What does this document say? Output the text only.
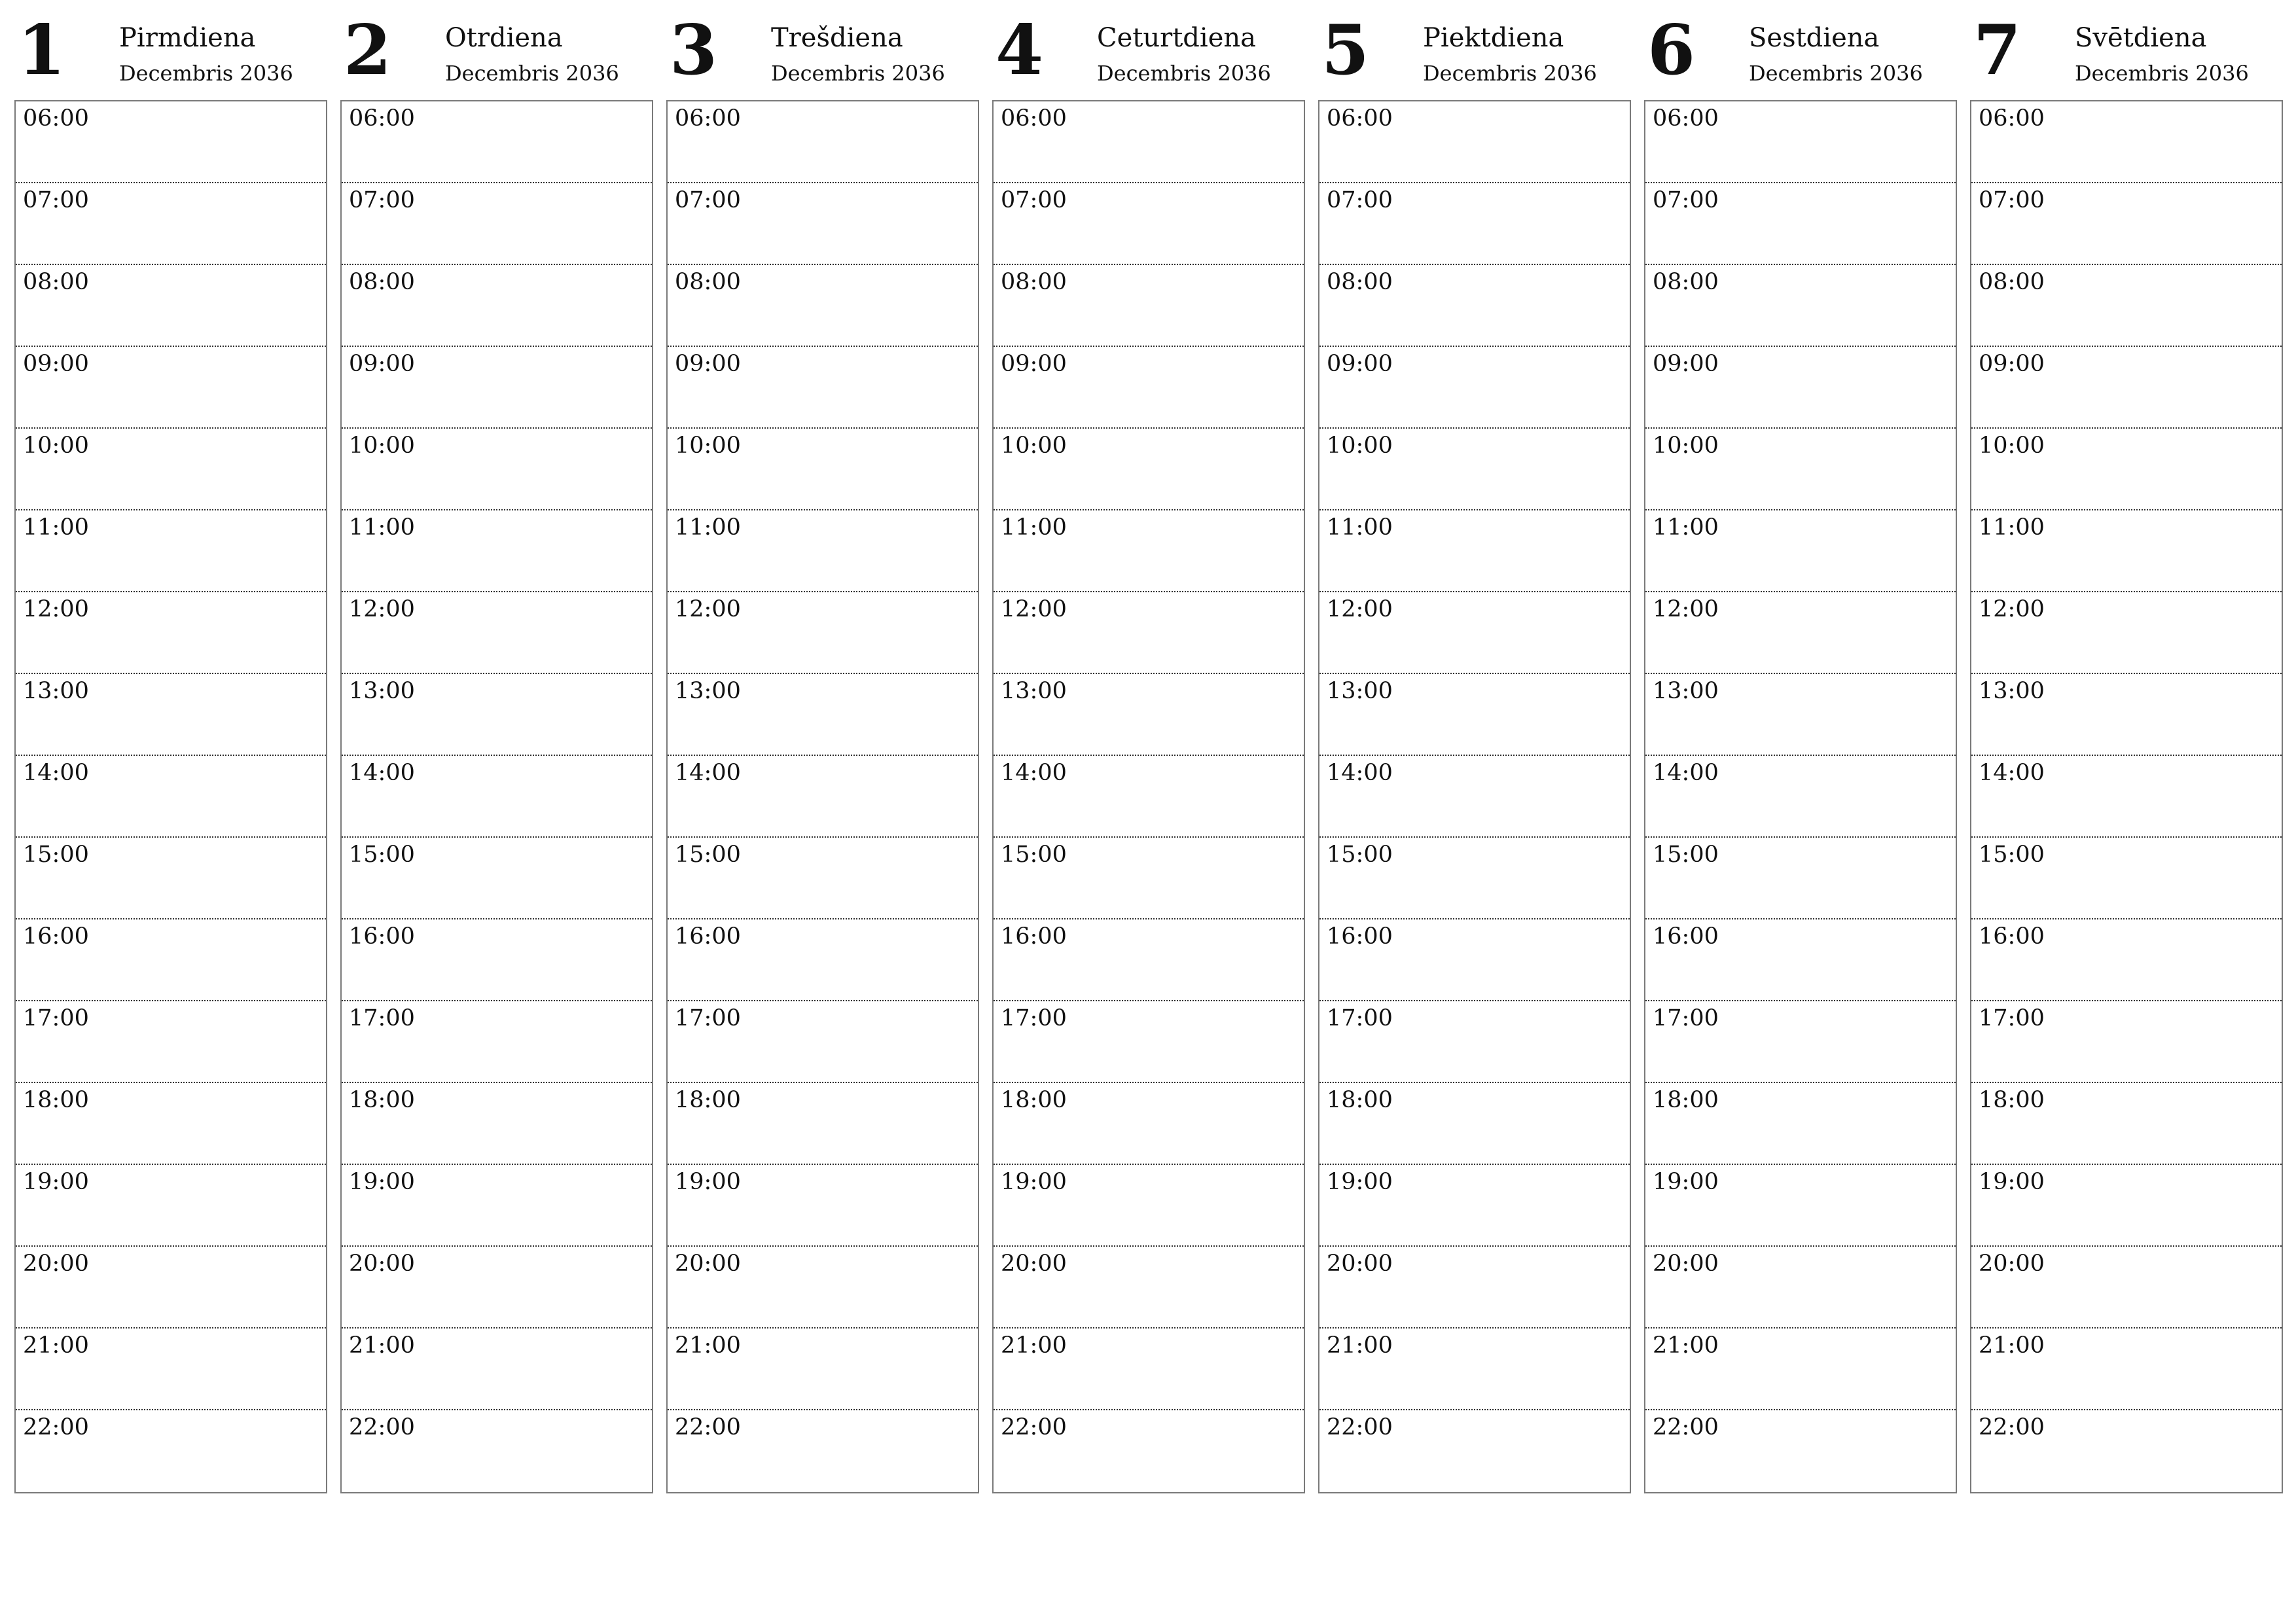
1 Pirmdiena
Decembris 2036
06:00
07:00
08:00
09:00
10:00
11:00
12:00
13:00
14:00
15:00
16:00
17:00
18:00
19:00
20:00
21:00
22:00
2 Otrdiena
Decembris 2036
06:00
07:00
08:00
09:00
10:00
11:00
12:00
13:00
14:00
15:00
16:00
17:00
18:00
19:00
20:00
21:00
22:00
3 Trešdiena
Decembris 2036
06:00
07:00
08:00
09:00
10:00
11:00
12:00
13:00
14:00
15:00
16:00
17:00
18:00
19:00
20:00
21:00
22:00
4 Ceturtdiena
Decembris 2036
06:00
07:00
08:00
09:00
10:00
11:00
12:00
13:00
14:00
15:00
16:00
17:00
18:00
19:00
20:00
21:00
22:00
5 Piektdiena
Decembris 2036
06:00
07:00
08:00
09:00
10:00
11:00
12:00
13:00
14:00
15:00
16:00
17:00
18:00
19:00
20:00
21:00
22:00
6 Sestdiena
Decembris 2036
06:00
07:00
08:00
09:00
10:00
11:00
12:00
13:00
14:00
15:00
16:00
17:00
18:00
19:00
20:00
21:00
22:00
7 Svētdiena
Decembris 2036
06:00
07:00
08:00
09:00
10:00
11:00
12:00
13:00
14:00
15:00
16:00
17:00
18:00
19:00
20:00
21:00
22:00
